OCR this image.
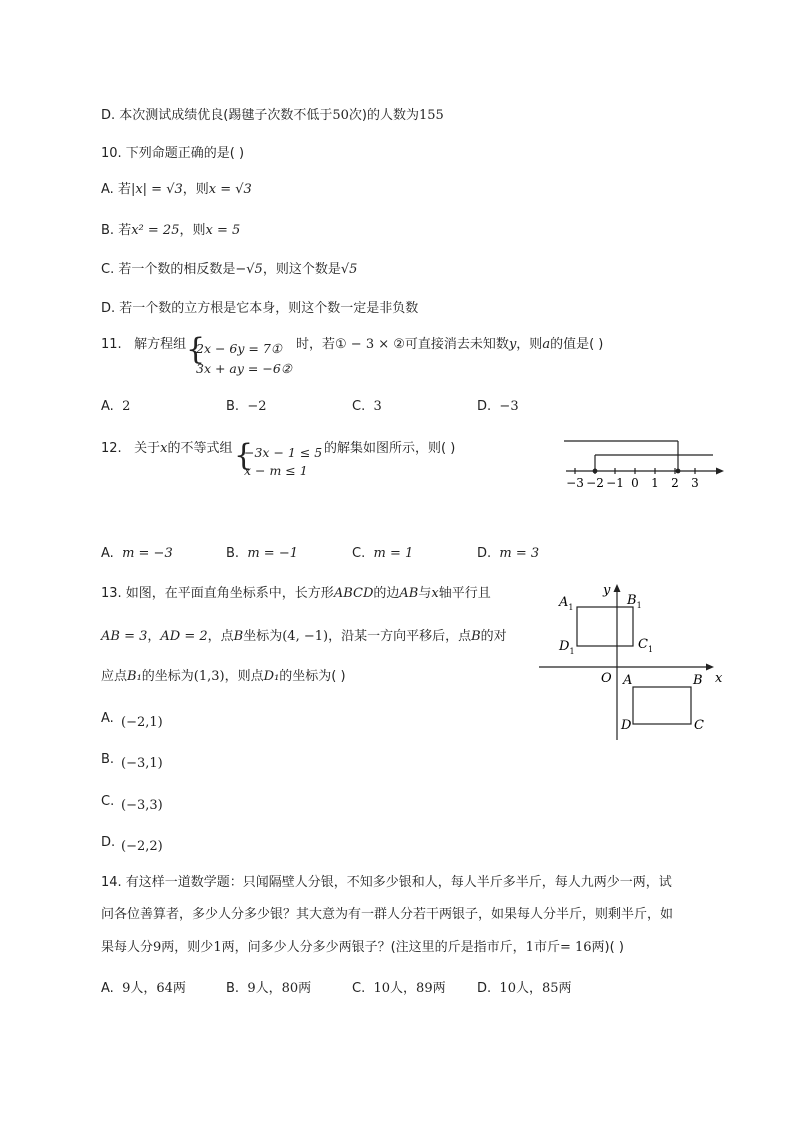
D. 本次测试成绩优良(踢毽子次数不低于50次)的人数为155
10. 下列命题正确的是( )
A. 若|x| = √3，则x = √3
B. 若x² = 25，则x = 5
C. 若一个数的相反数是−√5，则这个数是√5
D. 若一个数的立方根是它本身，则这个数一定是非负数
11. 解方程组 {
2x − 6y = 7①
3x + ay = −6②
时，若① − 3 × ②可直接消去未知数y，则a的值是( )
A. 2	B. −2	C. 3	D. −3
12. 关于x的不等式组 {
−3x − 1 ≤ 5
x − m ≤ 1
的解集如图所示，则( )
−3 −2 −1 0 1 2 3
A. m = −3	B. m = −1	C. m = 1	D. m = 3
13. 如图，在平面直角坐标系中，长方形ABCD的边AB与x轴平行且
AB = 3，AD = 2，点B坐标为(4, −1)，沿某一方向平移后，点B的对
应点B₁的坐标为(1,3)，则点D₁的坐标为( )
y
x
O
$A_1$	$B_1$
$D_1$	$C_1$
A	B
D	C
A. (−2,1)
B. (−3,1)
C. (−3,3)
D. (−2,2)
14. 有这样一道数学题：只闻隔壁人分银，不知多少银和人，每人半斤多半斤，每人九两少一两，试
问各位善算者，多少人分多少银？其大意为有一群人分若干两银子，如果每人分半斤，则剩半斤，如
果每人分9两，则少1两，问多少人分多少两银子？(注这里的斤是指市斤，1市斤= 16两)( )
A. 9人，64两	B. 9人，80两	C. 10人，89两 D. 10人，85两
